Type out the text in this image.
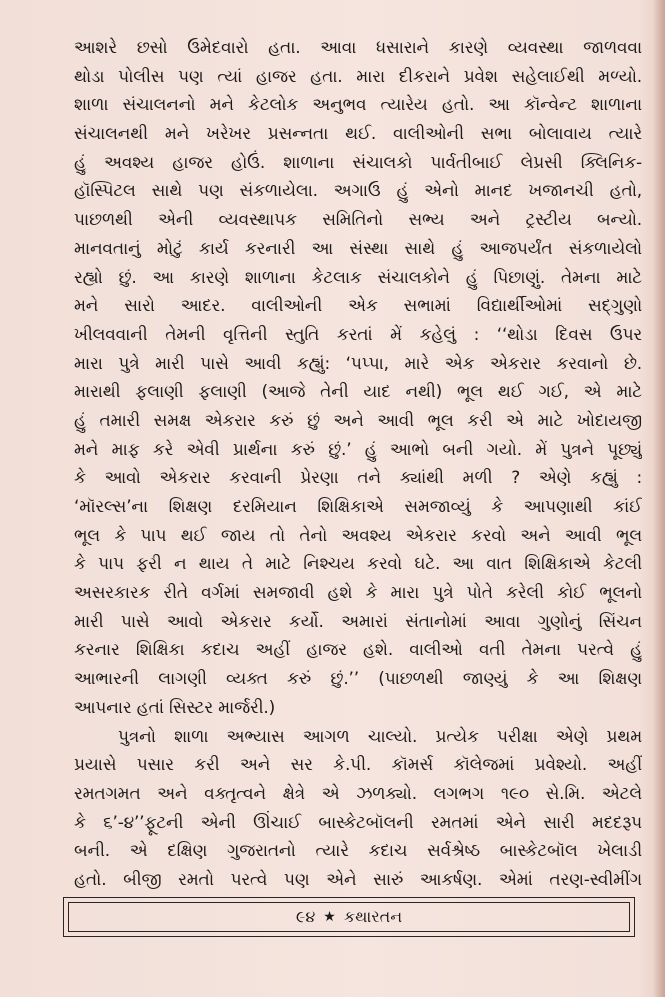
આશરે છસો ઉમેદવારો હતા. આવા ધસારાને કારણે વ્યવસ્થા જાળવવા
થોડા પોલીસ પણ ત્યાં હાજર હતા. મારા દીકરાને પ્રવેશ સહેલાઈથી મળ્યો.
શાળા સંચાલનનો મને કેટલોક અનુભવ ત્યારેય હતો. આ કૉન્વેન્ટ શાળાના
સંચાલનથી મને ખરેખર પ્રસન્નતા થઈ. વાલીઓની સભા બોલાવાય ત્યારે
હું અવશ્ય હાજર હોઉં. શાળાના સંચાલકો પાર્વતીબાઈ લેપ્રસી ક્લિનિક-
હૉસ્પિટલ સાથે પણ સંકળાયેલા. અગાઉ હું એનો માનદ ખજાનચી હતો,
પાછળથી એની વ્યવસ્થાપક સમિતિનો સભ્ય અને ટ્રસ્ટીય બન્યો.
માનવતાનું મોટું કાર્ય કરનારી આ સંસ્થા સાથે હું આજપર્યંત સંકળાયેલો
રહ્યો છું. આ કારણે શાળાના કેટલાક સંચાલકોને હું પિછાણું. તેમના માટે
મને સારો આદર. વાલીઓની એક સભામાં વિદ્યાર્થીઓમાં સદ્‌ગુણો
ખીલવવાની તેમની વૃત્તિની સ્તુતિ કરતાં મેં કહેલું : ‘‘થોડા દિવસ ઉપર
મારા પુત્રે મારી પાસે આવી કહ્યું: ‘પપ્પા, મારે એક એકરાર કરવાનો છે.
મારાથી ફલાણી ફલાણી (આજે તેની યાદ નથી) ભૂલ થઈ ગઈ, એ માટે
હું તમારી સમક્ષ એકરાર કરું છું અને આવી ભૂલ કરી એ માટે ખોદાયજી
મને માફ કરે એવી પ્રાર્થના કરું છું.’ હું આભો બની ગયો. મેં પુત્રને પૂછ્યું
કે આવો એકરાર કરવાની પ્રેરણા તને ક્યાંથી મળી ? એણે કહ્યું :
‘મૉરલ્સ’ના શિક્ષણ દરમિયાન શિક્ષિકાએ સમજાવ્યું કે આપણાથી કાંઈ
ભૂલ કે પાપ થઈ જાય તો તેનો અવશ્ય એકરાર કરવો અને આવી ભૂલ
કે પાપ ફરી ન થાય તે માટે નિશ્ચય કરવો ઘટે. આ વાત શિક્ષિકાએ કેટલી
અસરકારક રીતે વર્ગમાં સમજાવી હશે કે મારા પુત્રે પોતે કરેલી કોઈ ભૂલનો
મારી પાસે આવો એકરાર કર્યો. અમારાં સંતાનોમાં આવા ગુણોનું સિંચન
કરનાર શિક્ષિકા કદાચ અહીં હાજર હશે. વાલીઓ વતી તેમના પરત્વે હું
આભારની લાગણી વ્યક્ત કરું છું.’’ (પાછળથી જાણ્યું કે આ શિક્ષણ
આપનાર હતાં સિસ્ટર માર્જરી.)
પુત્રનો શાળા અભ્યાસ આગળ ચાલ્યો. પ્રત્યેક પરીક્ષા એણે પ્રથમ
પ્રયાસે પસાર કરી અને સર કે.પી. કૉમર્સ કૉલેજમાં પ્રવેશ્યો. અહીં
રમતગમત અને વક્તૃત્વને ક્ષેત્રે એ ઝળક્યો. લગભગ ૧૯૦ સે.મિ. એટલે
કે ૬’-૪’’ફૂટની એની ઊંચાઈ બાસ્કેટબૉલની રમતમાં એને સારી મદદરૂપ
બની. એ દક્ષિણ ગુજરાતનો ત્યારે કદાચ સર્વશ્રેષ્ઠ બાસ્કેટબૉલ ખેલાડી
હતો. બીજી રમતો પરત્વે પણ એને સારું આકર્ષણ. એમાં તરણ-સ્વીમીંગ
૯૪ ★ કથારતન
